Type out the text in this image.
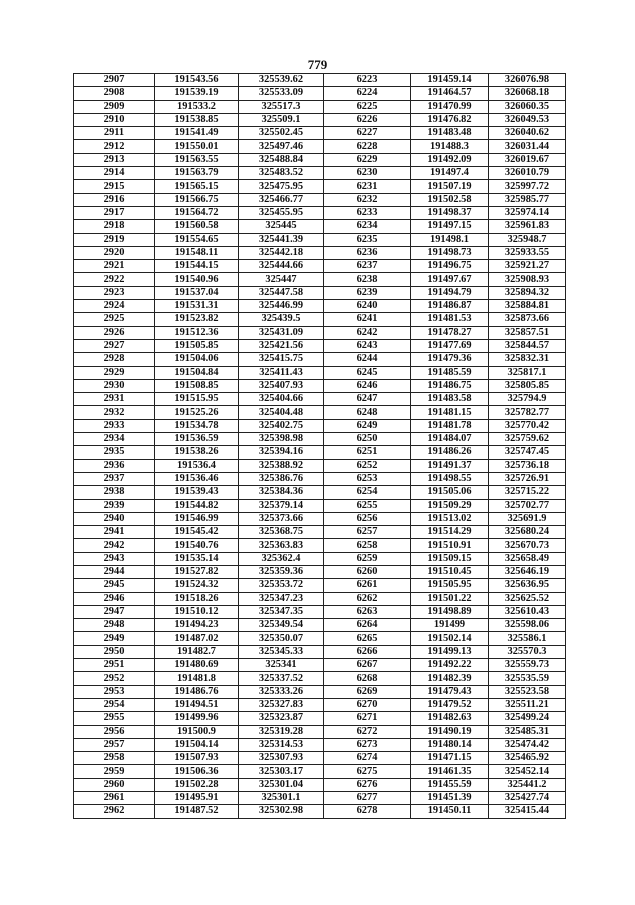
779
2907	191543.56	325539.62	6223	191459.14	326076.98
2908	191539.19	325533.09	6224	191464.57	326068.18
2909	191533.2	325517.3	6225	191470.99	326060.35
2910	191538.85	325509.1	6226	191476.82	326049.53
2911	191541.49	325502.45	6227	191483.48	326040.62
2912	191550.01	325497.46	6228	191488.3	326031.44
2913	191563.55	325488.84	6229	191492.09	326019.67
2914	191563.79	325483.52	6230	191497.4	326010.79
2915	191565.15	325475.95	6231	191507.19	325997.72
2916	191566.75	325466.77	6232	191502.58	325985.77
2917	191564.72	325455.95	6233	191498.37	325974.14
2918	191560.58	325445	6234	191497.15	325961.83
2919	191554.65	325441.39	6235	191498.1	325948.7
2920	191548.11	325442.18	6236	191498.73	325933.55
2921	191544.15	325444.66	6237	191496.75	325921.27
2922	191540.96	325447	6238	191497.67	325908.93
2923	191537.04	325447.58	6239	191494.79	325894.32
2924	191531.31	325446.99	6240	191486.87	325884.81
2925	191523.82	325439.5	6241	191481.53	325873.66
2926	191512.36	325431.09	6242	191478.27	325857.51
2927	191505.85	325421.56	6243	191477.69	325844.57
2928	191504.06	325415.75	6244	191479.36	325832.31
2929	191504.84	325411.43	6245	191485.59	325817.1
2930	191508.85	325407.93	6246	191486.75	325805.85
2931	191515.95	325404.66	6247	191483.58	325794.9
2932	191525.26	325404.48	6248	191481.15	325782.77
2933	191534.78	325402.75	6249	191481.78	325770.42
2934	191536.59	325398.98	6250	191484.07	325759.62
2935	191538.26	325394.16	6251	191486.26	325747.45
2936	191536.4	325388.92	6252	191491.37	325736.18
2937	191536.46	325386.76	6253	191498.55	325726.91
2938	191539.43	325384.36	6254	191505.06	325715.22
2939	191544.82	325379.14	6255	191509.29	325702.77
2940	191546.99	325373.66	6256	191513.02	325691.9
2941	191545.42	325368.75	6257	191514.29	325680.24
2942	191540.76	325363.83	6258	191510.91	325670.73
2943	191535.14	325362.4	6259	191509.15	325658.49
2944	191527.82	325359.36	6260	191510.45	325646.19
2945	191524.32	325353.72	6261	191505.95	325636.95
2946	191518.26	325347.23	6262	191501.22	325625.52
2947	191510.12	325347.35	6263	191498.89	325610.43
2948	191494.23	325349.54	6264	191499	325598.06
2949	191487.02	325350.07	6265	191502.14	325586.1
2950	191482.7	325345.33	6266	191499.13	325570.3
2951	191480.69	325341	6267	191492.22	325559.73
2952	191481.8	325337.52	6268	191482.39	325535.59
2953	191486.76	325333.26	6269	191479.43	325523.58
2954	191494.51	325327.83	6270	191479.52	325511.21
2955	191499.96	325323.87	6271	191482.63	325499.24
2956	191500.9	325319.28	6272	191490.19	325485.31
2957	191504.14	325314.53	6273	191480.14	325474.42
2958	191507.93	325307.93	6274	191471.15	325465.92
2959	191506.36	325303.17	6275	191461.35	325452.14
2960	191502.28	325301.04	6276	191455.59	325441.2
2961	191495.91	325301.1	6277	191451.39	325427.74
2962	191487.52	325302.98	6278	191450.11	325415.44
